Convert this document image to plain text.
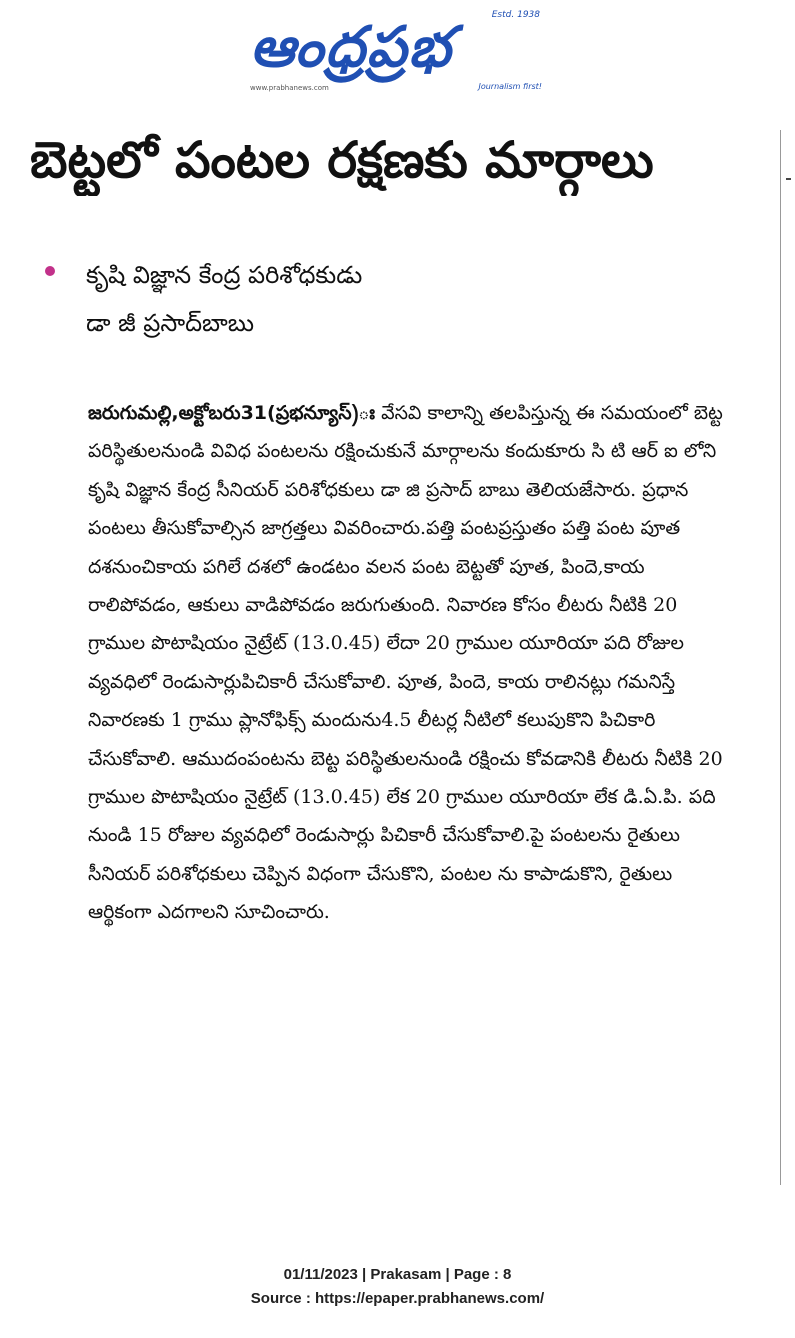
ఆంధ్రప్రభ	Estd. 1938
www.prabhanews.com	Journalism first!
బెట్టలో పంటల రక్షణకు మార్గాలు
కృషి విజ్ఞాన కేంద్ర పరిశోధకుడు
డా జీ ప్రసాద్‌బాబు
జరుగుమల్లి,అక్టోబరు31(ప్రభన్యూస్)ః వేసవి కాలాన్ని తలపిస్తున్న ఈ సమయంలో బెట్ట పరిస్థితులనుండి వివిధ పంటలను రక్షించుకునే మార్గాలను కందుకూరు సి టి ఆర్ ఐ లోని కృషి విజ్ఞాన కేంద్ర సీనియర్ పరిశోధకులు డా జి ప్రసాద్ బాబు తెలియజేసారు. ప్రధాన పంటలు తీసుకోవాల్సిన జాగ్రత్తలు వివరించారు.పత్తి పంటప్రస్తుతం పత్తి పంట పూత దశనుంచికాయ పగిలే దశలో ఉండటం వలన పంట బెట్టతో పూత, పిందె,కాయ రాలిపోవడం, ఆకులు వాడిపోవడం జరుగుతుంది. నివారణ కోసం లీటరు నీటికి 20 గ్రాముల పొటాషియం నైట్రేట్ (13.0.45) లేదా 20 గ్రాముల యూరియా పది రోజుల వ్యవధిలో రెండుసార్లుపిచికారీ చేసుకోవాలి. పూత, పిందె, కాయ రాలినట్లు గమనిస్తే నివారణకు 1 గ్రాము ప్లానోఫిక్స్ మందును4.5 లీటర్ల నీటిలో కలుపుకొని పిచికారి చేసుకోవాలి. ఆముదంపంటను బెట్ట పరిస్థితులనుండి రక్షించు కోవడానికి లీటరు నీటికి 20 గ్రాముల పొటాషియం నైట్రేట్ (13.0.45) లేక 20 గ్రాముల యూరియా లేక డి.ఏ.పి. పది నుండి 15 రోజుల వ్యవధిలో రెండుసార్లు పిచికారీ చేసుకోవాలి.పై పంటలను రైతులు సీనియర్ పరిశోధకులు చెప్పిన విధంగా చేసుకొని, పంటల ను కాపాడుకొని, రైతులు ఆర్థికంగా ఎదగాలని సూచించారు.
01/11/2023 | Prakasam | Page : 8
Source : https://epaper.prabhanews.com/
